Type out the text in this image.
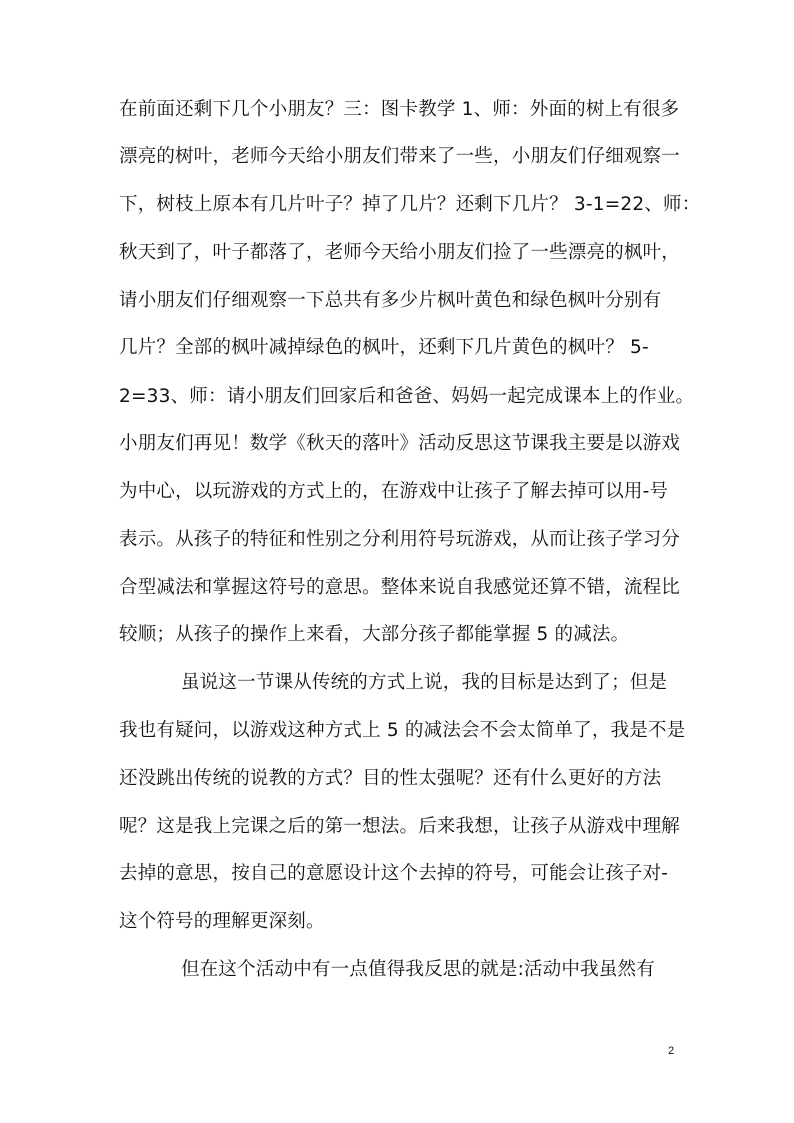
在前面还剩下几个小朋友？三：图卡教学 1、师：外面的树上有很多
漂亮的树叶，老师今天给小朋友们带来了一些，小朋友们仔细观察一
下，树枝上原本有几片叶子？掉了几片？还剩下几片？ 3-1=22、师：
秋天到了，叶子都落了，老师今天给小朋友们捡了一些漂亮的枫叶，
请小朋友们仔细观察一下总共有多少片枫叶黄色和绿色枫叶分别有
几片？全部的枫叶减掉绿色的枫叶，还剩下几片黄色的枫叶？ 5-
2=33、师：请小朋友们回家后和爸爸、妈妈一起完成课本上的作业。
小朋友们再见！数学《秋天的落叶》活动反思这节课我主要是以游戏
为中心，以玩游戏的方式上的，在游戏中让孩子了解去掉可以用-号
表示。从孩子的特征和性别之分利用符号玩游戏，从而让孩子学习分
合型减法和掌握这符号的意思。整体来说自我感觉还算不错，流程比
较顺；从孩子的操作上来看，大部分孩子都能掌握 5 的减法。
虽说这一节课从传统的方式上说，我的目标是达到了；但是
我也有疑问，以游戏这种方式上 5 的减法会不会太简单了，我是不是
还没跳出传统的说教的方式？目的性太强呢？还有什么更好的方法
呢？这是我上完课之后的第一想法。后来我想，让孩子从游戏中理解
去掉的意思，按自己的意愿设计这个去掉的符号，可能会让孩子对-
这个符号的理解更深刻。
但在这个活动中有一点值得我反思的就是:活动中我虽然有
2
